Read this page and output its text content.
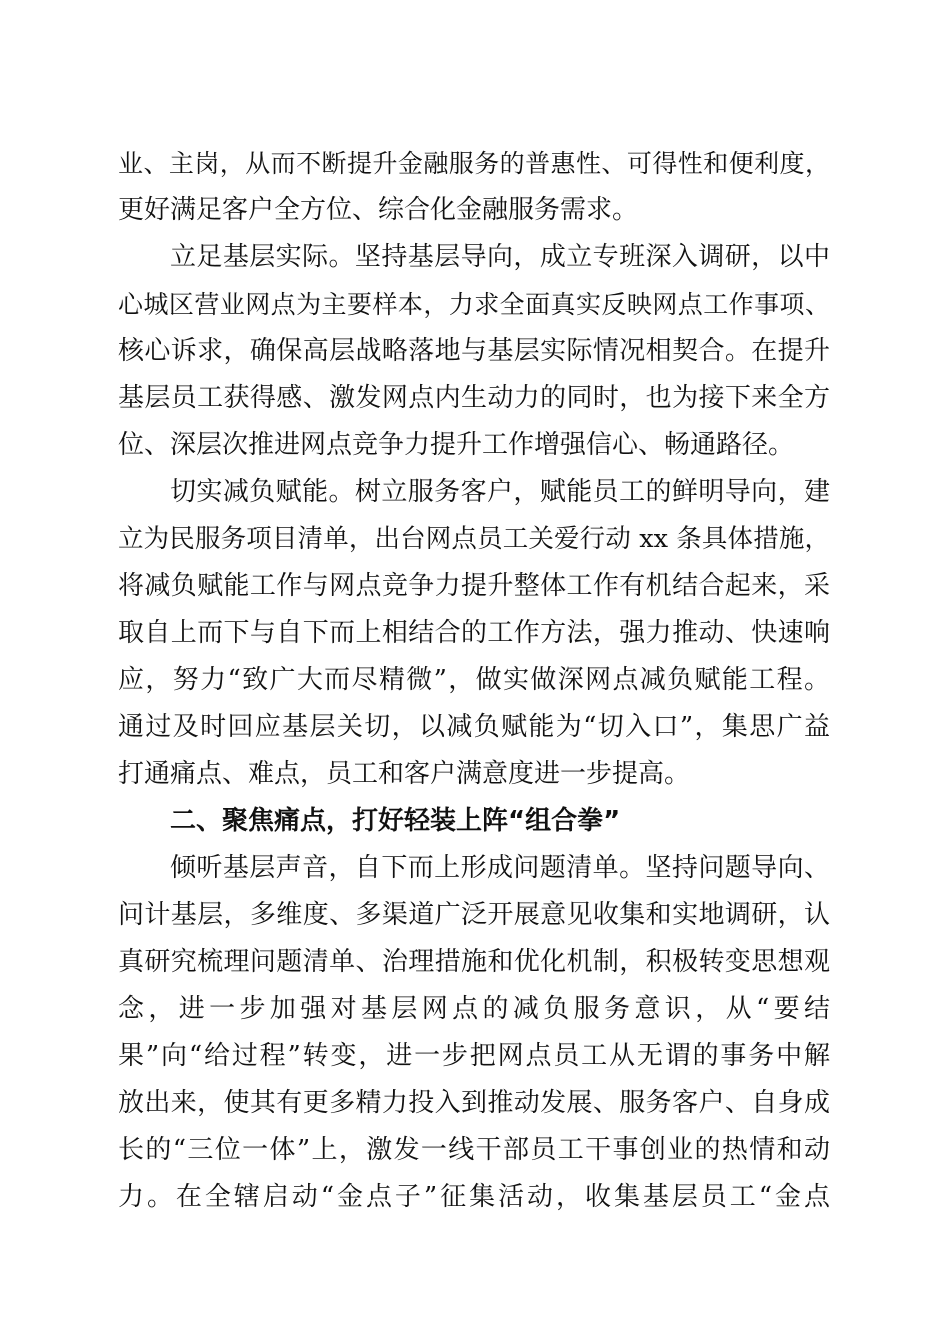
业、主岗，从而不断提升金融服务的普惠性、可得性和便利度，
更好满足客户全方位、综合化金融服务需求。
立足基层实际。坚持基层导向，成立专班深入调研，以中
心城区营业网点为主要样本，力求全面真实反映网点工作事项、
核心诉求，确保高层战略落地与基层实际情况相契合。在提升
基层员工获得感、激发网点内生动力的同时，也为接下来全方
位、深层次推进网点竞争力提升工作增强信心、畅通路径。
切实减负赋能。树立服务客户，赋能员工的鲜明导向，建
立为民服务项目清单，出台网点员工关爱行动 xx 条具体措施，
将减负赋能工作与网点竞争力提升整体工作有机结合起来，采
取自上而下与自下而上相结合的工作方法，强力推动、快速响
应，努力“致广大而尽精微”，做实做深网点减负赋能工程。
通过及时回应基层关切，以减负赋能为“切入口”，集思广益
打通痛点、难点，员工和客户满意度进一步提高。
二、聚焦痛点，打好轻装上阵“组合拳”
倾听基层声音，自下而上形成问题清单。坚持问题导向、
问计基层，多维度、多渠道广泛开展意见收集和实地调研，认
真研究梳理问题清单、治理措施和优化机制，积极转变思想观
念，进一步加强对基层网点的减负服务意识，从“要结
果”向“给过程”转变，进一步把网点员工从无谓的事务中解
放出来，使其有更多精力投入到推动发展、服务客户、自身成
长的“三位一体”上，激发一线干部员工干事创业的热情和动
力。在全辖启动“金点子”征集活动，收集基层员工“金点
